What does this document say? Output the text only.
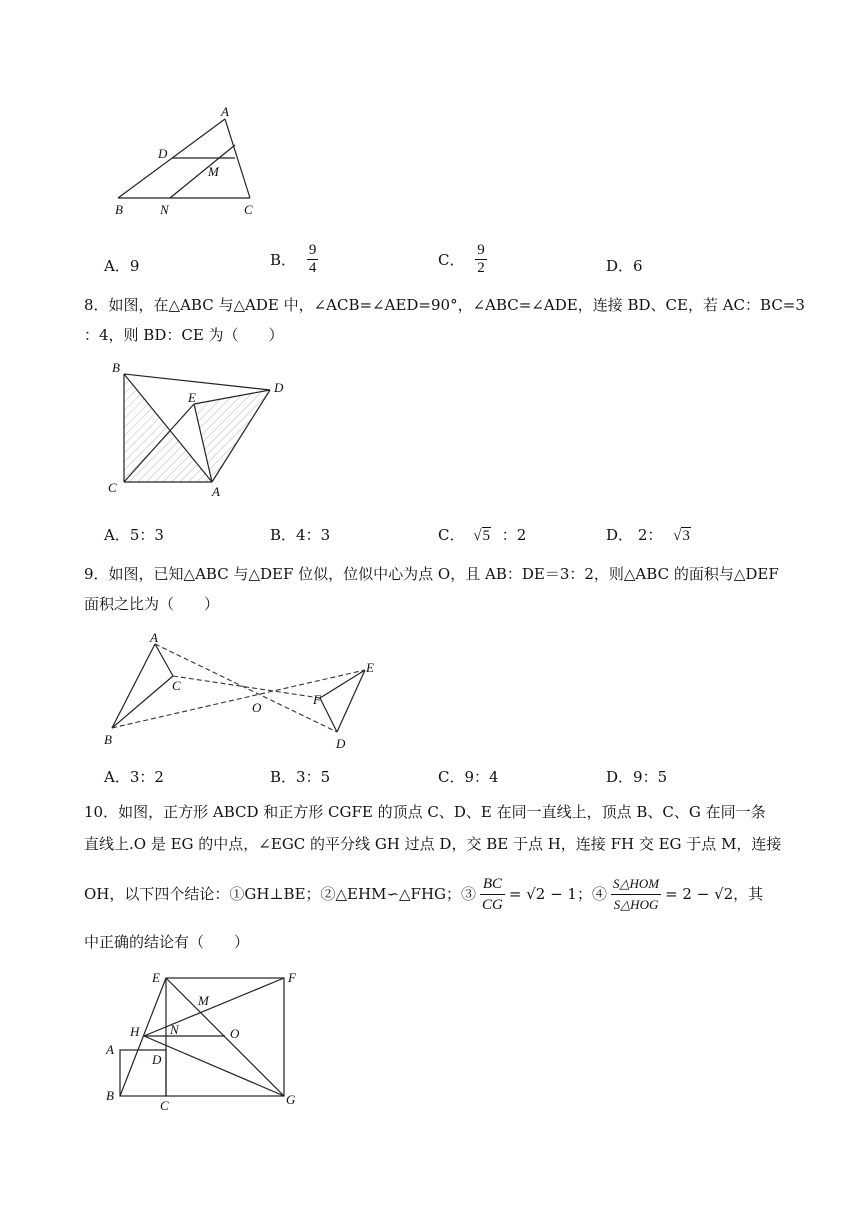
A
D
M
B	N	C
A．9	B． $\frac{9}{4}$	C． $\frac{9}{2}$	D．6
8．如图，在△ABC 与△ADE 中，∠ACB=∠AED=90°，∠ABC=∠ADE，连接 BD、CE，若 AC：BC=3
：4，则 BD：CE 为（　　）
B
D
E
C	A
A．5：3	B．4：3	C． √5 ：2	D． 2： √3
9．如图，已知△ABC 与△DEF 位似，位似中心为点 O，且 AB：DE＝3：2，则△ABC 的面积与△DEF
面积之比为（　　）
A
C
B
O
F
E
D
A．3：2	B．3：5	C．9：4	D．9：5
10．如图，正方形 ABCD 和正方形 CGFE 的顶点 C、D、E 在同一直线上，顶点 B、C、G 在同一条
直线上.O 是 EG 的中点，∠EGC 的平分线 GH 过点 D，交 BE 于点 H，连接 FH 交 EG 于点 M，连接
OH，以下四个结论：①GH⊥BE；②△EHM∽△FHG；③ $\frac{BC}{CG} = √2 - 1$；④ $\frac{\text{S△HOM}}{\text{S△HOG}} = 2 - √2$，其
中正确的结论有（　　）
E	F
M
H N	O
A
D
B
C	G
